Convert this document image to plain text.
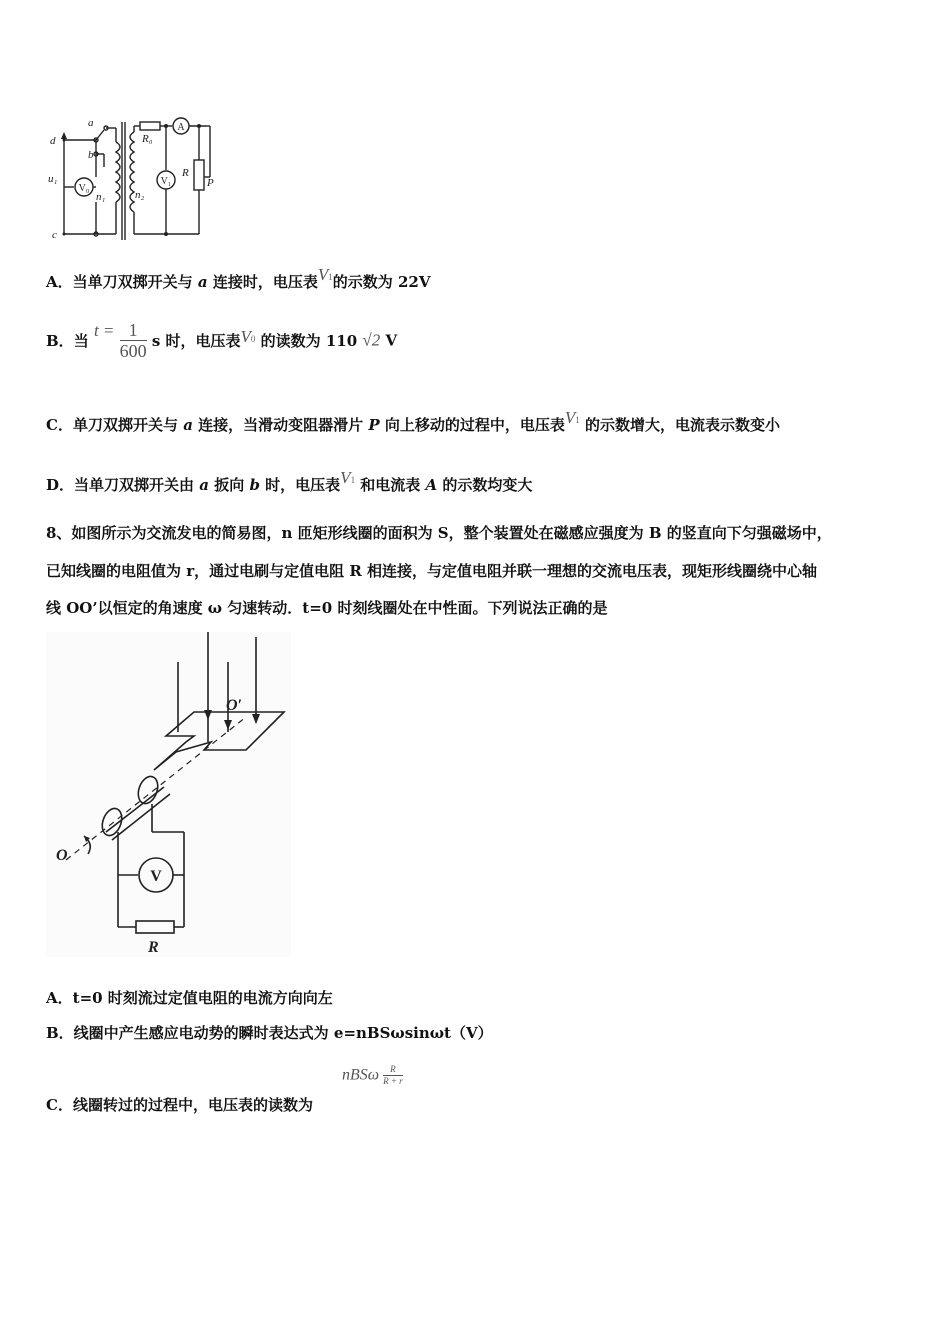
a
b
c
d
u₁
n₁	n₂
R₀
R
P
A
V₀
V₁
A．当单刀双掷开关与 a 连接时，电压表V1的示数为 22V
B．当 $t = \frac{1}{600}$ s 时，电压表V0 的读数为 110 √2 V
C．单刀双掷开关与 a 连接，当滑动变阻器滑片 P 向上移动的过程中，电压表V1 的示数增大，电流表示数变小
D．当单刀双掷开关由 a 扳向 b 时，电压表V1 和电流表 A 的示数均变大
8、如图所示为交流发电的简易图，n 匝矩形线圈的面积为 S，整个装置处在磁感应强度为 B 的竖直向下匀强磁场中，
已知线圈的电阻值为 r，通过电刷与定值电阻 R 相连接，与定值电阻并联一理想的交流电压表，现矩形线圈绕中心轴
线 OO’以恒定的角速度 ω 匀速转动．t=0 时刻线圈处在中性面。下列说法正确的是
O
O′
R
V
A．t=0 时刻流过定值电阻的电流方向向左
B．线圈中产生感应电动势的瞬时表达式为 e=nBSωsinωt（V）
nBSω $\frac{R}{R + r}$
C．线圈转过的过程中，电压表的读数为
